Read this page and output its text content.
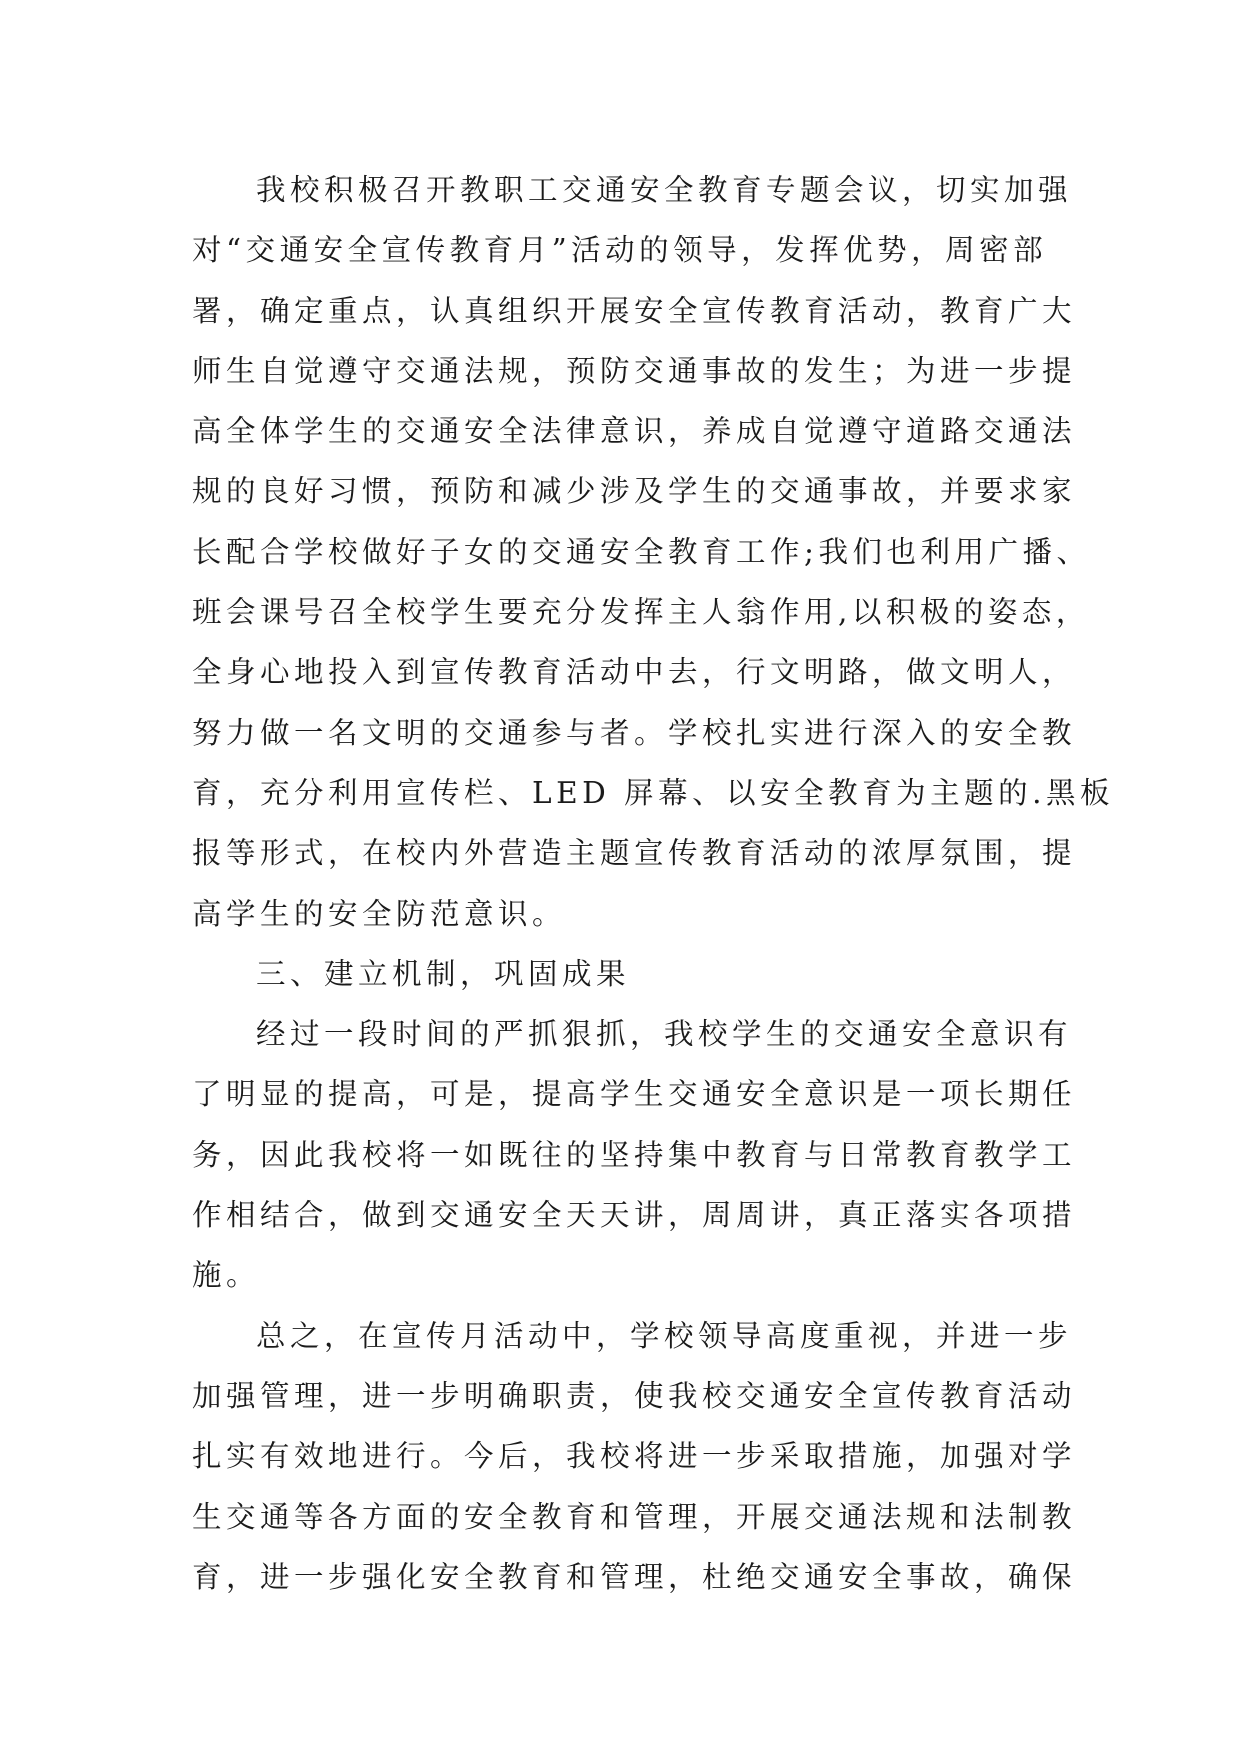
我校积极召开教职工交通安全教育专题会议，切实加强
对“交通安全宣传教育月”活动的领导，发挥优势，周密部
署，确定重点，认真组织开展安全宣传教育活动，教育广大
师生自觉遵守交通法规，预防交通事故的发生；为进一步提
高全体学生的交通安全法律意识，养成自觉遵守道路交通法
规的良好习惯，预防和减少涉及学生的交通事故，并要求家
长配合学校做好子女的交通安全教育工作;我们也利用广播、
班会课号召全校学生要充分发挥主人翁作用,以积极的姿态，
全身心地投入到宣传教育活动中去，行文明路，做文明人，
努力做一名文明的交通参与者。学校扎实进行深入的安全教
育，充分利用宣传栏、LED 屏幕、以安全教育为主题的.黑板
报等形式，在校内外营造主题宣传教育活动的浓厚氛围，提
高学生的安全防范意识。
三、建立机制，巩固成果
经过一段时间的严抓狠抓，我校学生的交通安全意识有
了明显的提高，可是，提高学生交通安全意识是一项长期任
务，因此我校将一如既往的坚持集中教育与日常教育教学工
作相结合，做到交通安全天天讲，周周讲，真正落实各项措
施。
总之，在宣传月活动中，学校领导高度重视，并进一步
加强管理，进一步明确职责，使我校交通安全宣传教育活动
扎实有效地进行。今后，我校将进一步采取措施，加强对学
生交通等各方面的安全教育和管理，开展交通法规和法制教
育，进一步强化安全教育和管理，杜绝交通安全事故，确保
